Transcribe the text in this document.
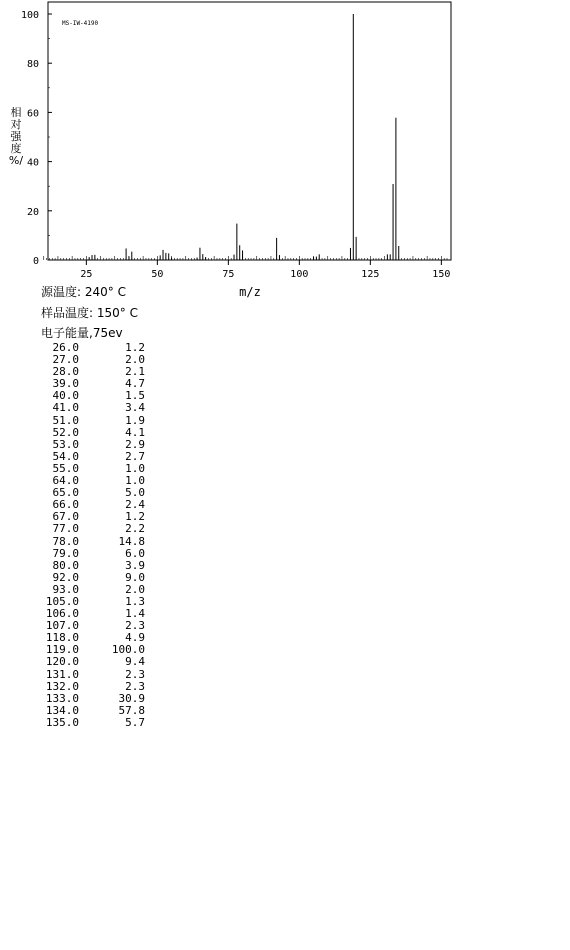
0
20
40
60
80
100
25	50	75	100	125	150
MS-IW-4190
m/z
相
对
强
度
%/
源温度: 240° C
样品温度: 150° C
电子能量,75ev
26.0	1.2
27.0	2.0
28.0	2.1
39.0	4.7
40.0	1.5
41.0	3.4
51.0	1.9
52.0	4.1
53.0	2.9
54.0	2.7
55.0	1.0
64.0	1.0
65.0	5.0
66.0	2.4
67.0	1.2
77.0	2.2
78.0	14.8
79.0	6.0
80.0	3.9
92.0	9.0
93.0	2.0
105.0	1.3
106.0	1.4
107.0	2.3
118.0	4.9
119.0	100.0
120.0	9.4
131.0	2.3
132.0	2.3
133.0	30.9
134.0	57.8
135.0	5.7
